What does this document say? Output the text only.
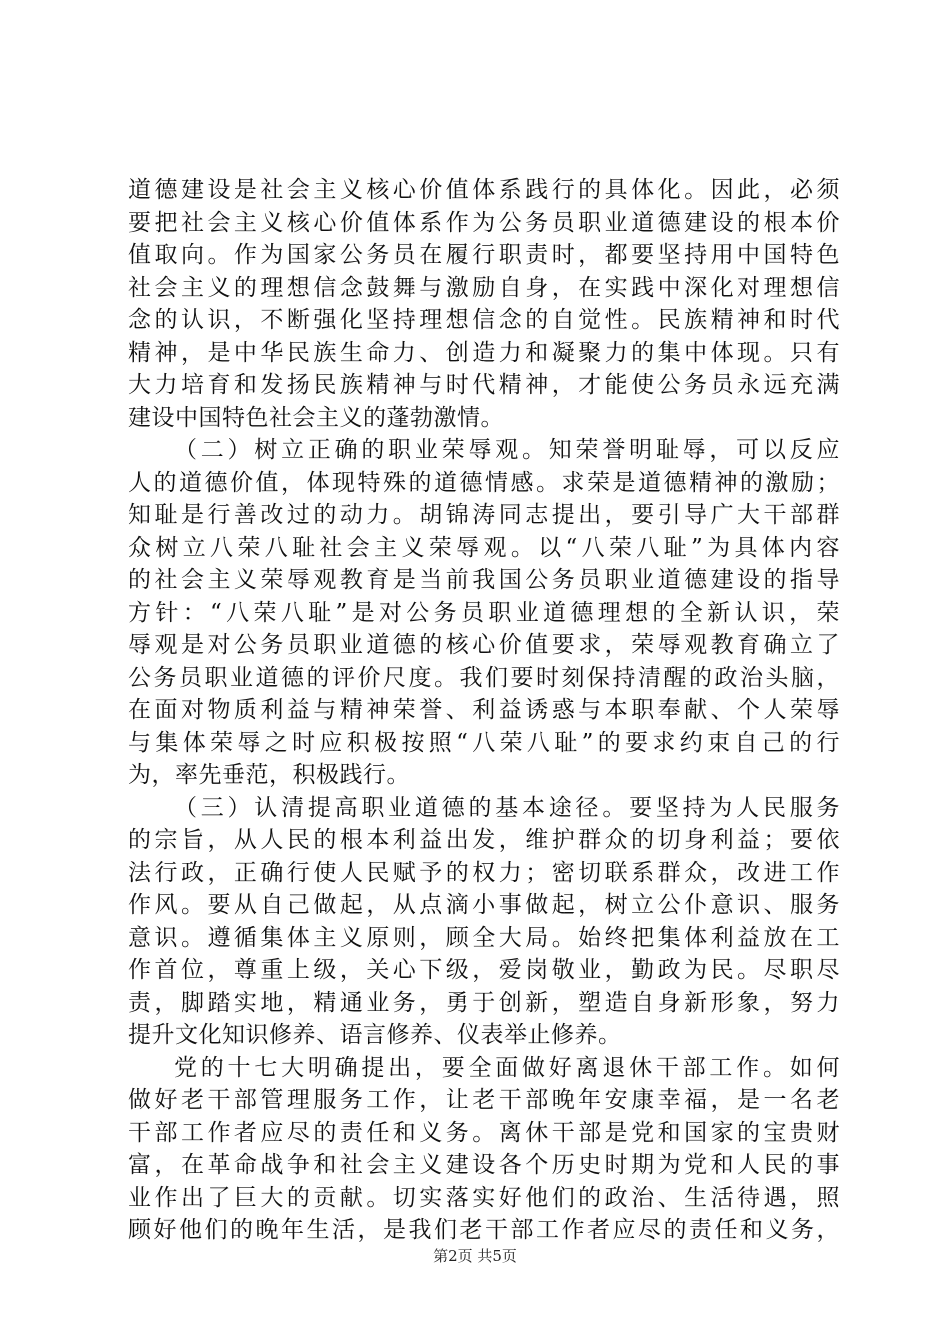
道德建设是社会主义核心价值体系践行的具体化。因此，必须
要把社会主义核心价值体系作为公务员职业道德建设的根本价
值取向。作为国家公务员在履行职责时，都要坚持用中国特色
社会主义的理想信念鼓舞与激励自身，在实践中深化对理想信
念的认识，不断强化坚持理想信念的自觉性。民族精神和时代
精神，是中华民族生命力、创造力和凝聚力的集中体现。只有
大力培育和发扬民族精神与时代精神，才能使公务员永远充满
建设中国特色社会主义的蓬勃激情。
（二）树立正确的职业荣辱观。知荣誉明耻辱，可以反应
人的道德价值，体现特殊的道德情感。求荣是道德精神的激励；
知耻是行善改过的动力。胡锦涛同志提出，要引导广大干部群
众树立八荣八耻社会主义荣辱观。以“八荣八耻”为具体内容
的社会主义荣辱观教育是当前我国公务员职业道德建设的指导
方针：“八荣八耻”是对公务员职业道德理想的全新认识，荣
辱观是对公务员职业道德的核心价值要求，荣辱观教育确立了
公务员职业道德的评价尺度。我们要时刻保持清醒的政治头脑，
在面对物质利益与精神荣誉、利益诱惑与本职奉献、个人荣辱
与集体荣辱之时应积极按照“八荣八耻”的要求约束自己的行
为，率先垂范，积极践行。
（三）认清提高职业道德的基本途径。要坚持为人民服务
的宗旨，从人民的根本利益出发，维护群众的切身利益；要依
法行政，正确行使人民赋予的权力；密切联系群众，改进工作
作风。要从自己做起，从点滴小事做起，树立公仆意识、服务
意识。遵循集体主义原则，顾全大局。始终把集体利益放在工
作首位，尊重上级，关心下级，爱岗敬业，勤政为民。尽职尽
责，脚踏实地，精通业务，勇于创新，塑造自身新形象，努力
提升文化知识修养、语言修养、仪表举止修养。
党的十七大明确提出，要全面做好离退休干部工作。如何
做好老干部管理服务工作，让老干部晚年安康幸福，是一名老
干部工作者应尽的责任和义务。离休干部是党和国家的宝贵财
富，在革命战争和社会主义建设各个历史时期为党和人民的事
业作出了巨大的贡献。切实落实好他们的政治、生活待遇，照
顾好他们的晚年生活，是我们老干部工作者应尽的责任和义务，
第2页 共5页
